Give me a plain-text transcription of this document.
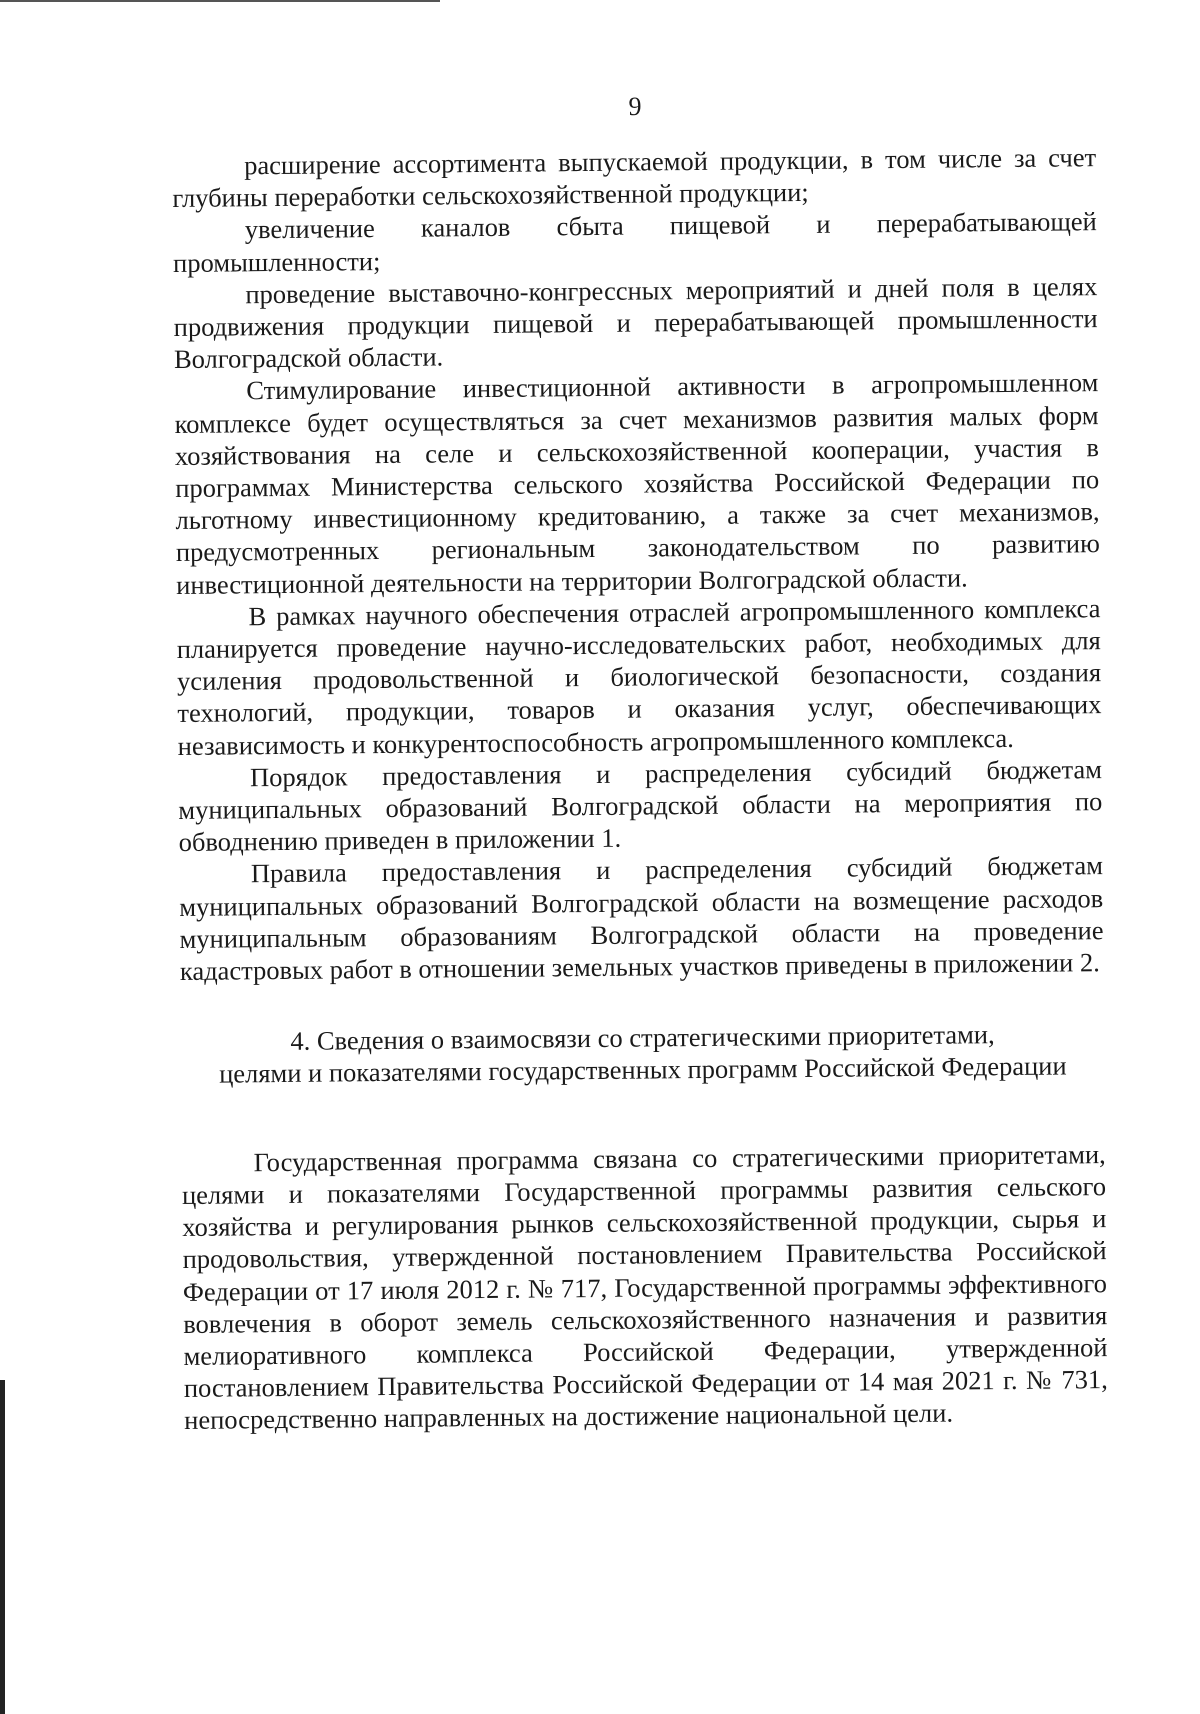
9

расширение ассортимента выпускаемой продукции, в том числе за счет глубины переработки сельскохозяйственной продукции;

увеличение каналов сбыта пищевой и перерабатывающей промышленности;

проведение выставочно-конгрессных мероприятий и дней поля в целях продвижения продукции пищевой и перерабатывающей промышленности Волгоградской области.

Стимулирование инвестиционной активности в агропромышленном комплексе будет осуществляться за счет механизмов развития малых форм хозяйствования на селе и сельскохозяйственной кооперации, участия в программах Министерства сельского хозяйства Российской Федерации по льготному инвестиционному кредитованию, а также за счет механизмов, предусмотренных региональным законодательством по развитию инвестиционной деятельности на территории Волгоградской области.

В рамках научного обеспечения отраслей агропромышленного комплекса планируется проведение научно-исследовательских работ, необходимых для усиления продовольственной и биологической безопасности, создания технологий, продукции, товаров и оказания услуг, обеспечивающих независимость и конкурентоспособность агропромышленного комплекса.

Порядок предоставления и распределения субсидий бюджетам муниципальных образований Волгоградской области на мероприятия по обводнению приведен в приложении 1.

Правила предоставления и распределения субсидий бюджетам муниципальных образований Волгоградской области на возмещение расходов муниципальным образованиям Волгоградской области на проведение кадастровых работ в отношении земельных участков приведены в приложении 2.

4. Сведения о взаимосвязи со стратегическими приоритетами,
целями и показателями государственных программ Российской Федерации

Государственная программа связана со стратегическими приоритетами, целями и показателями Государственной программы развития сельского хозяйства и регулирования рынков сельскохозяйственной продукции, сырья и продовольствия, утвержденной постановлением Правительства Российской Федерации от 17 июля 2012 г. № 717, Государственной программы эффективного вовлечения в оборот земель сельскохозяйственного назначения и развития мелиоративного комплекса Российской Федерации, утвержденной постановлением Правительства Российской Федерации от 14 мая 2021 г. № 731, непосредственно направленных на достижение национальной цели.
